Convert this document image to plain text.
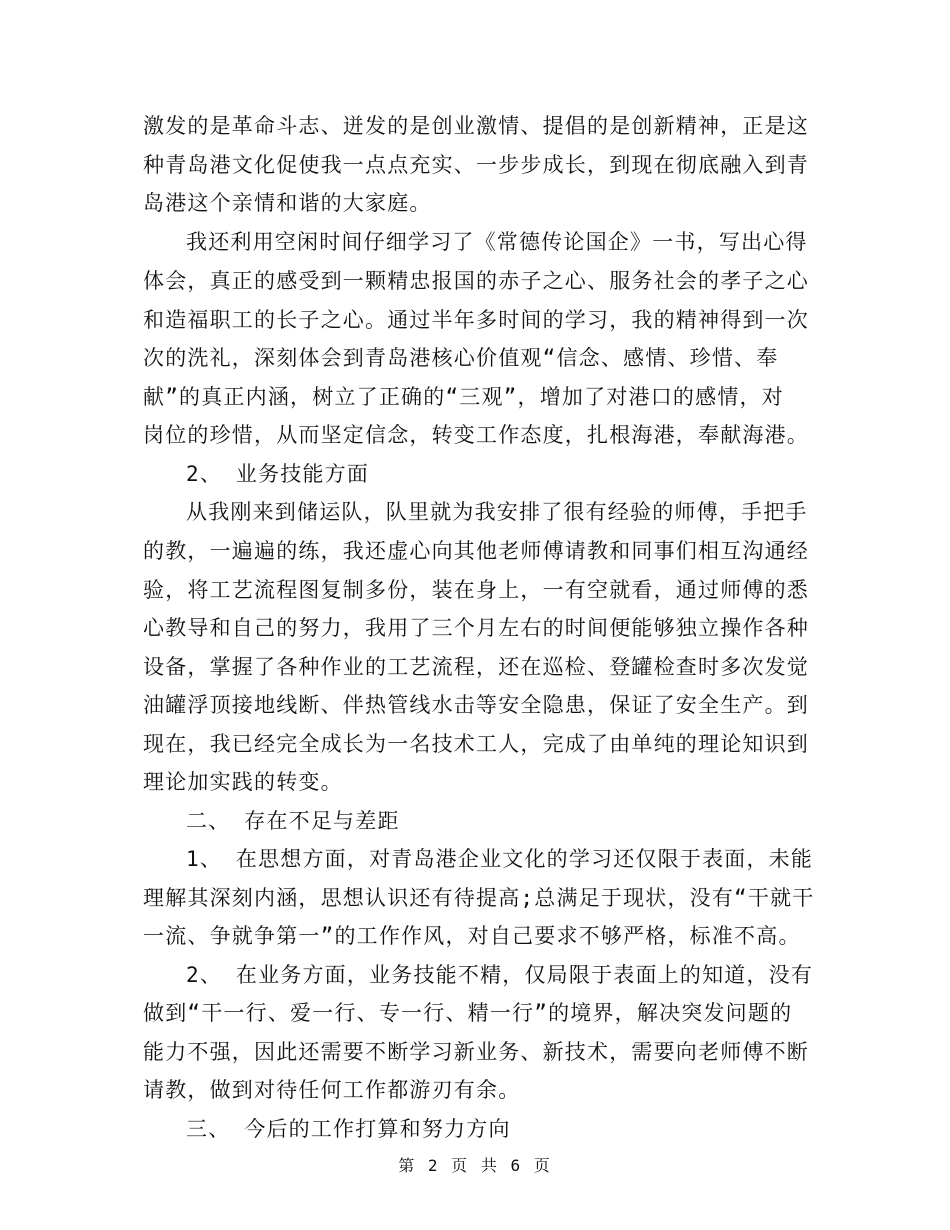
激发的是革命斗志、迸发的是创业激情、提倡的是创新精神，正是这
种青岛港文化促使我一点点充实、一步步成长，到现在彻底融入到青
岛港这个亲情和谐的大家庭。
我还利用空闲时间仔细学习了《常德传论国企》一书，写出心得
体会，真正的感受到一颗精忠报国的赤子之心、服务社会的孝子之心
和造福职工的长子之心。通过半年多时间的学习，我的精神得到一次
次的洗礼，深刻体会到青岛港核心价值观“信念、感情、珍惜、奉
献”的真正内涵，树立了正确的“三观”，增加了对港口的感情，对
岗位的珍惜，从而坚定信念，转变工作态度，扎根海港，奉献海港。
2、 业务技能方面
从我刚来到储运队，队里就为我安排了很有经验的师傅，手把手
的教，一遍遍的练，我还虚心向其他老师傅请教和同事们相互沟通经
验，将工艺流程图复制多份，装在身上，一有空就看，通过师傅的悉
心教导和自己的努力，我用了三个月左右的时间便能够独立操作各种
设备，掌握了各种作业的工艺流程，还在巡检、登罐检查时多次发觉
油罐浮顶接地线断、伴热管线水击等安全隐患，保证了安全生产。到
现在，我已经完全成长为一名技术工人，完成了由单纯的理论知识到
理论加实践的转变。
二、 存在不足与差距
1、 在思想方面，对青岛港企业文化的学习还仅限于表面，未能
理解其深刻内涵，思想认识还有待提高;总满足于现状，没有“干就干
一流、争就争第一”的工作作风，对自己要求不够严格，标准不高。
2、 在业务方面，业务技能不精，仅局限于表面上的知道，没有
做到“干一行、爱一行、专一行、精一行”的境界，解决突发问题的
能力不强，因此还需要不断学习新业务、新技术，需要向老师傅不断
请教，做到对待任何工作都游刃有余。
三、 今后的工作打算和努力方向
第 2 页 共 6 页
